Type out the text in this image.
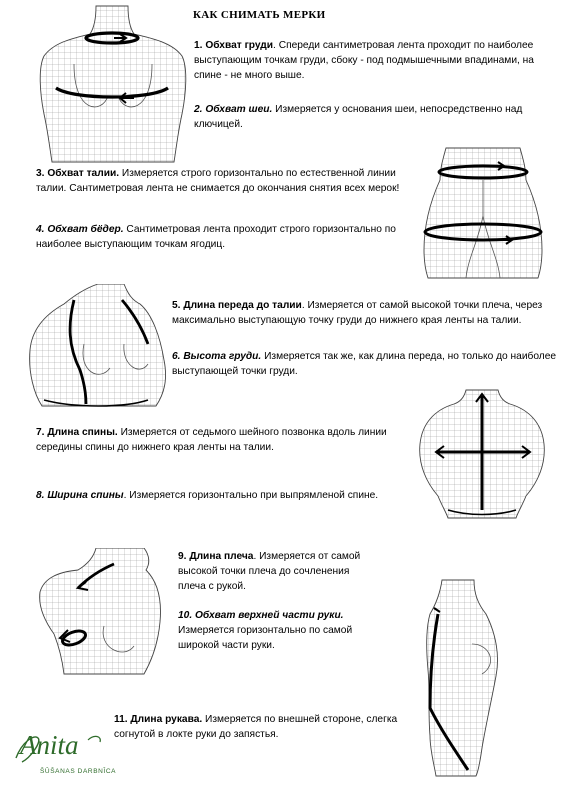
КАК СНИМАТЬ МЕРКИ
1. Обхват груди. Спереди сантиметровая лента проходит по наиболее выступающим точкам груди, сбоку - под подмышечными впадинами, на спине - не много выше.
2. Обхват шеи. Измеряется у основания шеи, непосредственно над ключицей.
3. Обхват талии. Измеряется строго горизонтально по естественной линии талии. Сантиметровая лента не снимается до окончания снятия всех мерок!
4. Обхват бёдер. Сантиметровая лента проходит строго горизонтально по наиболее выступающим точкам ягодиц.
5. Длина переда до талии. Измеряется от самой высокой точки плеча, через максимально выступающую точку груди до нижнего края ленты на талии.
6. Высота груди. Измеряется так же, как длина переда, но только до наиболее выступающей точки груди.
7. Длина спины. Измеряется от седьмого шейного позвонка вдоль линии середины спины до нижнего края ленты на талии.
8. Ширина спины. Измеряется горизонтально при выпрямленой спине.
9. Длина плеча. Измеряется от самой высокой точки плеча до сочленения плеча с рукой.
10. Обхват верхней части руки.
Измеряется горизонтально по самой широкой части руки.
11. Длина рукава. Измеряется по внешней стороне, слегка согнутой в локте руки до запястья.
Anita
ŠŪŠANAS DARBNĪCA
